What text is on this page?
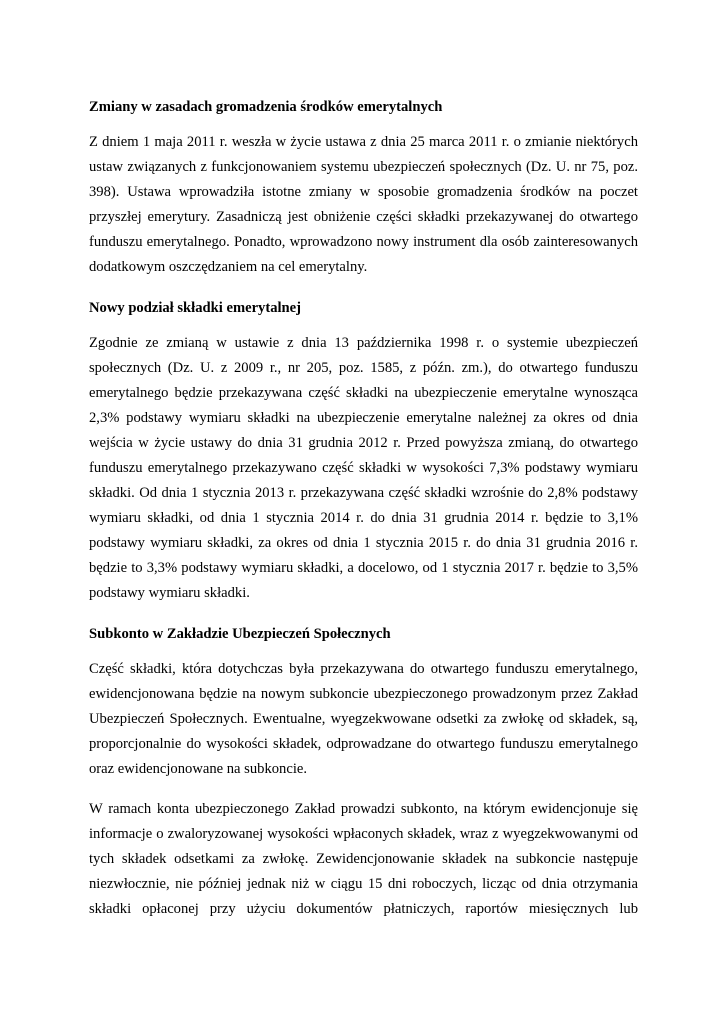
Zmiany w zasadach gromadzenia środków emerytalnych

Z dniem 1 maja 2011 r. weszła w życie ustawa z dnia 25 marca 2011 r. o zmianie niektórych
ustaw związanych z funkcjonowaniem systemu ubezpieczeń społecznych (Dz. U. nr 75, poz.
398). Ustawa wprowadziła istotne zmiany w sposobie gromadzenia środków na poczet
przyszłej emerytury. Zasadniczą jest obniżenie części składki przekazywanej do otwartego
funduszu emerytalnego. Ponadto, wprowadzono nowy instrument dla osób zainteresowanych
dodatkowym oszczędzaniem na cel emerytalny.

Nowy podział składki emerytalnej

Zgodnie ze zmianą w ustawie z dnia 13 października 1998 r. o systemie ubezpieczeń
społecznych (Dz. U. z 2009 r., nr 205, poz. 1585, z późn. zm.), do otwartego funduszu
emerytalnego będzie przekazywana część składki na ubezpieczenie emerytalne wynosząca
2,3% podstawy wymiaru składki na ubezpieczenie emerytalne należnej za okres od dnia
wejścia w życie ustawy do dnia 31 grudnia 2012 r. Przed powyższa zmianą, do otwartego
funduszu emerytalnego przekazywano część składki w wysokości 7,3% podstawy wymiaru
składki. Od dnia 1 stycznia 2013 r. przekazywana część składki wzrośnie do 2,8% podstawy
wymiaru składki, od dnia 1 stycznia 2014 r. do dnia 31 grudnia 2014 r. będzie to 3,1%
podstawy wymiaru składki, za okres od dnia 1 stycznia 2015 r. do dnia 31 grudnia 2016 r.
będzie to 3,3% podstawy wymiaru składki, a docelowo, od 1 stycznia 2017 r. będzie to 3,5%
podstawy wymiaru składki.

Subkonto w Zakładzie Ubezpieczeń Społecznych

Część składki, która dotychczas była przekazywana do otwartego funduszu emerytalnego,
ewidencjonowana będzie na nowym subkoncie ubezpieczonego prowadzonym przez Zakład
Ubezpieczeń Społecznych. Ewentualne, wyegzekwowane odsetki za zwłokę od składek, są,
proporcjonalnie do wysokości składek, odprowadzane do otwartego funduszu emerytalnego
oraz ewidencjonowane na subkoncie.

W ramach konta ubezpieczonego Zakład prowadzi subkonto, na którym ewidencjonuje się
informacje o zwaloryzowanej wysokości wpłaconych składek, wraz z wyegzekwowanymi od
tych składek odsetkami za zwłokę. Zewidencjonowanie składek na subkoncie następuje
niezwłocznie, nie później jednak niż w ciągu 15 dni roboczych, licząc od dnia otrzymania
składki opłaconej przy użyciu dokumentów płatniczych, raportów miesięcznych lub
